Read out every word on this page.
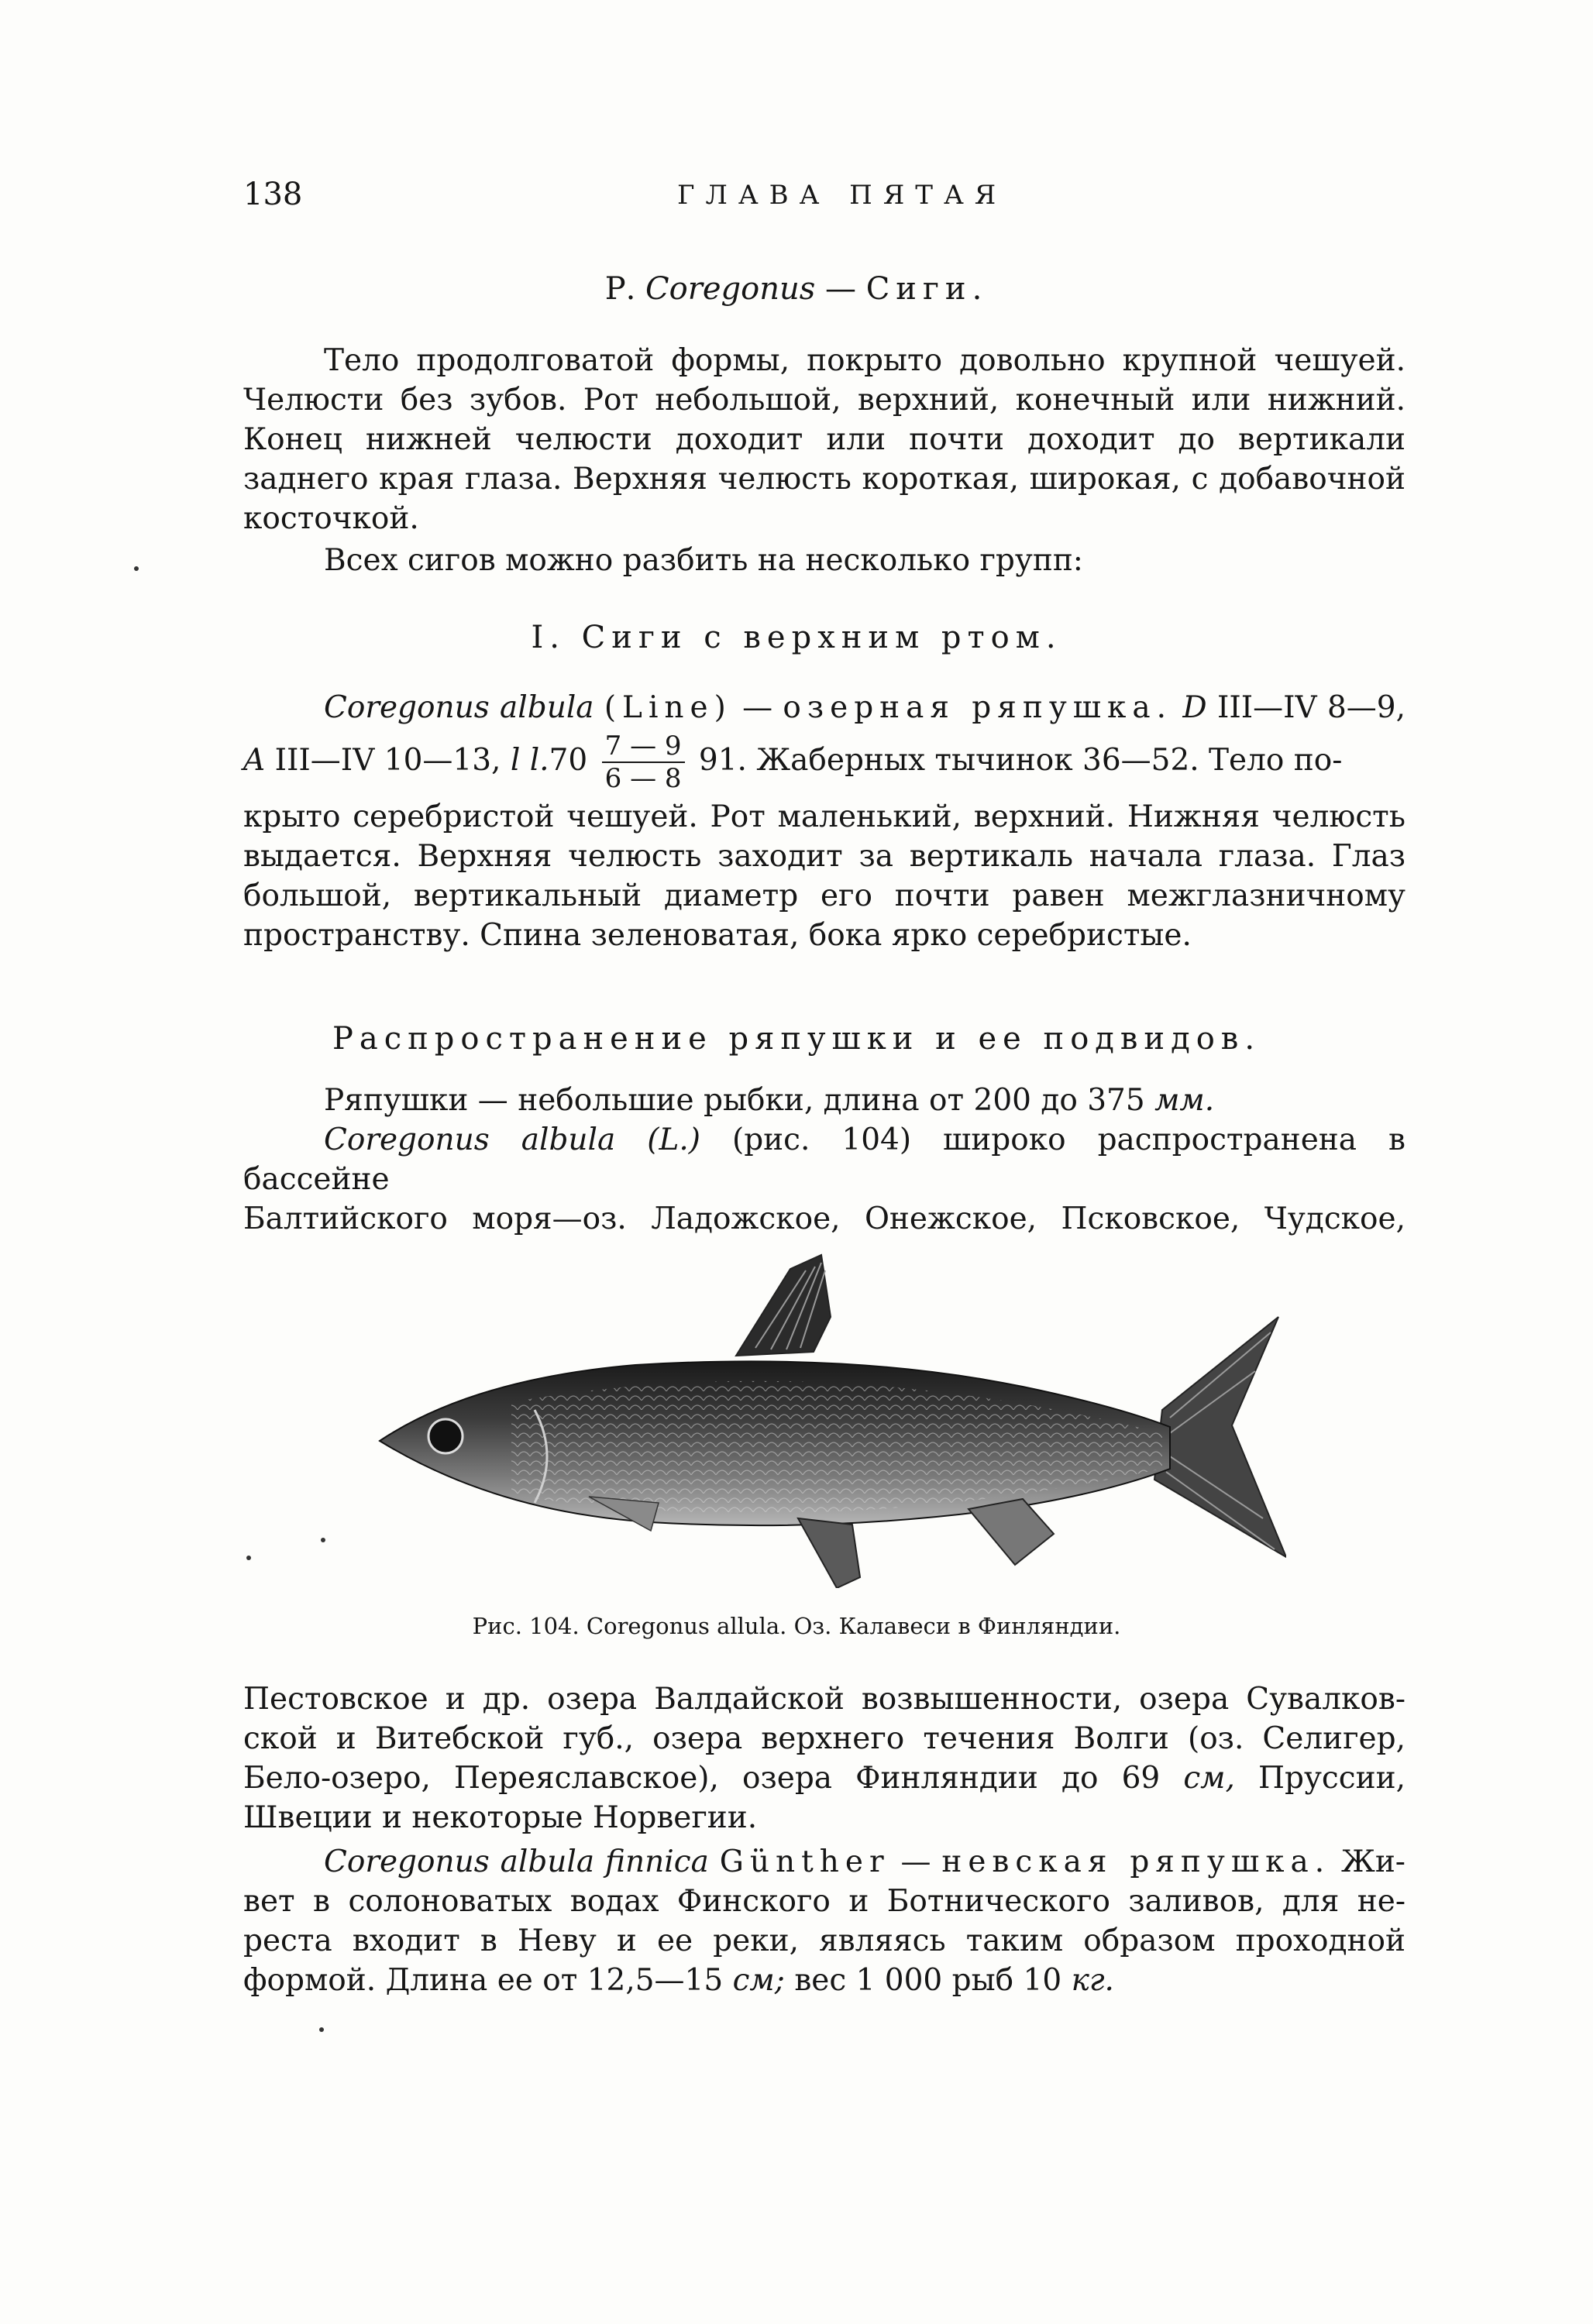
138	ГЛАВА ПЯТАЯ
Р. Coregonus — Сиги.
Тело продолговатой формы, покрыто довольно крупной чешуей.
Челюсти без зубов. Рот небольшой, верхний, конечный или нижний.
Конец нижней челюсти доходит или почти доходит до вертикали
заднего края глаза. Верхняя челюсть короткая, широкая, с добавочной
косточкой.
Всех сигов можно разбить на несколько групп:
I. Сиги с верхним ртом.
Coregonus albula (Line) — озерная ряпушка. D III—IV 8—9,
A III—IV 10—13, l $l.70 \frac{7 — 9}{6 — 8} 91$. Жаберных тычинок 36—52. Тело по-
крыто серебристой чешуей. Рот маленький, верхний. Нижняя челюсть
выдается. Верхняя челюсть заходит за вертикаль начала глаза. Глаз
большой, вертикальный диаметр его почти равен межглазничному
пространству. Спина зеленоватая, бока ярко серебристые.
Распространение ряпушки и ее подвидов.
Ряпушки — небольшие рыбки, длина от 200 до 375 мм.
Coregonus albula (L.) (рис. 104) широко распространена в бассейне
Балтийского моря—оз. Ладожское, Онежское, Псковское, Чудское,
Рис. 104. Coregonus allula. Оз. Калавеси в Финляндии.
Пестовское и др. озера Валдайской возвышенности, озера Сувалков-
ской и Витебской губ., озера верхнего течения Волги (оз. Селигер,
Бело-озеро, Переяславское), озера Финляндии до 69 см, Пруссии,
Швеции и некоторые Норвегии.
Coregonus albula finnica Günther — невская ряпушка. Жи-
вет в солоноватых водах Финского и Ботнического заливов, для не-
реста входит в Неву и ее реки, являясь таким образом проходной
формой. Длина ее от 12,5—15 см; вес 1 000 рыб 10 кг.
